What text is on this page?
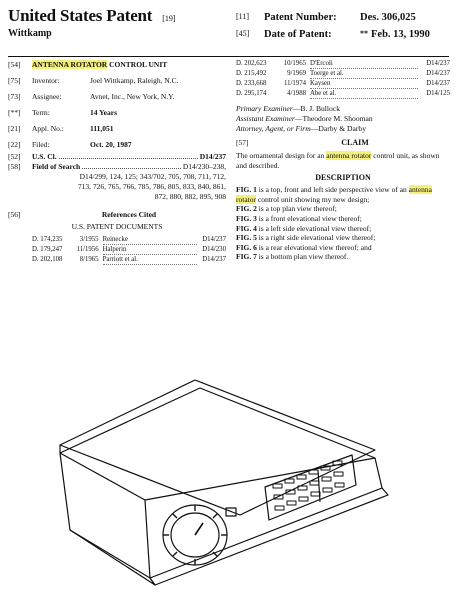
United States Patent [19]
Wittkamp
[11]	Patent Number:	Des. 306,025
[45]	Date of Patent:	** Feb. 13, 1990
[54]	ANTENNA ROTATOR CONTROL UNIT
[75]	Inventor:	Joel Wittkamp, Raleigh, N.C.
[73]	Assignee:	Avnet, Inc., New York, N.Y.
[**]	Term:	14 Years
[21]	Appl. No.:	111,051
[22]	Filed:	Oct. 20, 1987
[52]	U.S. Cl.	D14/237
[58]	Field of Search	D14/230–238,
D14/299, 124, 125; 343/702, 705, 708, 711, 712,
713, 726, 765, 766, 785, 786, 805, 833, 840, 861,
872, 880, 882, 895, 908
[56]	References Cited
U.S. PATENT DOCUMENTS
D. 174,235	3/1955 Reinecke	D14/237
D. 179,247	11/1956 Halperin	D14/230
D. 202,108	8/1965 Parriott et al.	D14/237
D. 202,623	10/1965 D'Ercoli	D14/237
D. 215,492	9/1969 Toerge et al.	D14/237
D. 233,668	11/1974 Kaysen	D14/237
D. 295,174	4/1988 Abe et al.	D14/125
Primary Examiner—B. J. Bullock
Assistant Examiner—Theodore M. Shooman
Attorney, Agent, or Firm—Darby & Darby
[57]	CLAIM
The ornamental design for an antenna rotator control unit, as shown and described.
DESCRIPTION
FIG. 1 is a top, front and left side perspective view of an antenna rotator control unit showing my new design;
FIG. 2 is a top plan view thereof;
FIG. 3 is a front elevational view thereof;
FIG. 4 is a left side elevational view thereof;
FIG. 5 is a right side elevational view thereof;
FIG. 6 is a rear elevational view thereof; and
FIG. 7 is a bottom plan view thereof.
